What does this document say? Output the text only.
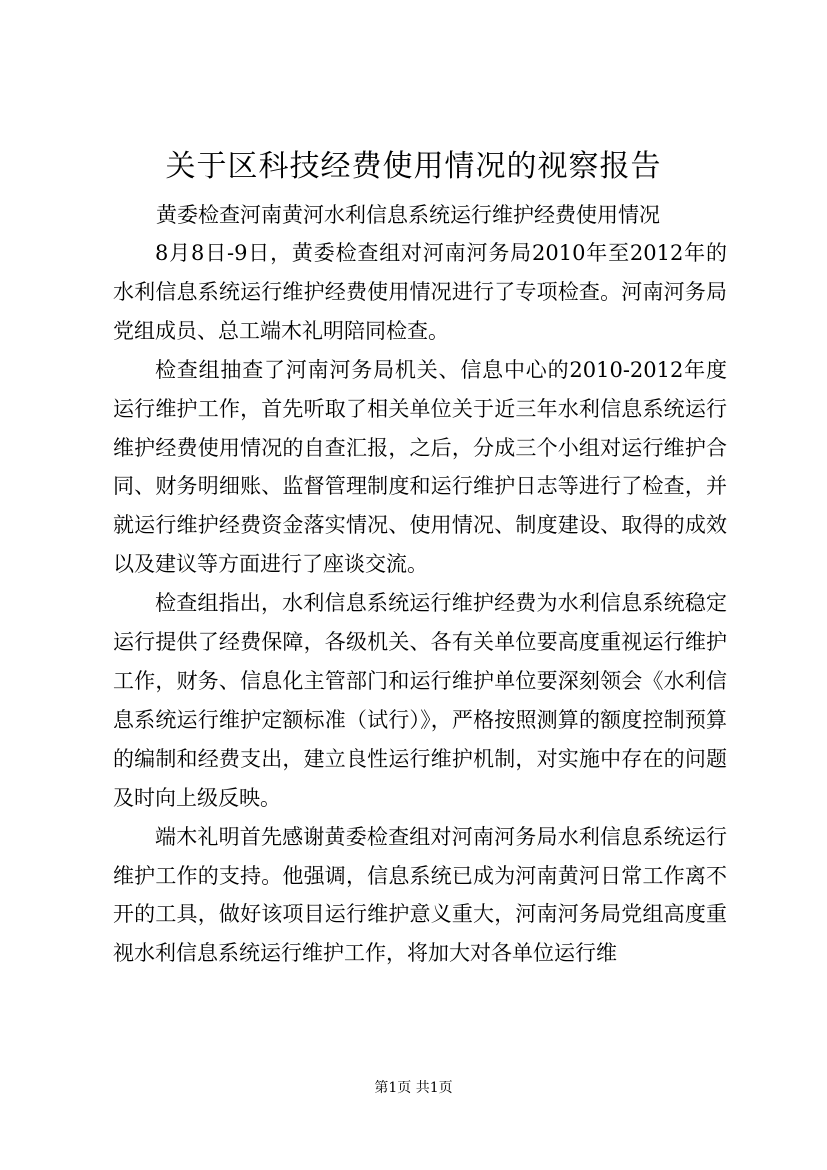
关于区科技经费使用情况的视察报告

黄委检查河南黄河水利信息系统运行维护经费使用情况

8月8日-9日，黄委检查组对河南河务局2010年至2012年的水利信息系统运行维护经费使用情况进行了专项检查。河南河务局党组成员、总工端木礼明陪同检查。

检查组抽查了河南河务局机关、信息中心的2010-2012年度运行维护工作，首先听取了相关单位关于近三年水利信息系统运行维护经费使用情况的自查汇报，之后，分成三个小组对运行维护合同、财务明细账、监督管理制度和运行维护日志等进行了检查，并就运行维护经费资金落实情况、使用情况、制度建设、取得的成效以及建议等方面进行了座谈交流。

检查组指出，水利信息系统运行维护经费为水利信息系统稳定运行提供了经费保障，各级机关、各有关单位要高度重视运行维护工作，财务、信息化主管部门和运行维护单位要深刻领会《水利信息系统运行维护定额标准（试行）》，严格按照测算的额度控制预算的编制和经费支出，建立良性运行维护机制，对实施中存在的问题及时向上级反映。

端木礼明首先感谢黄委检查组对河南河务局水利信息系统运行维护工作的支持。他强调，信息系统已成为河南黄河日常工作离不开的工具，做好该项目运行维护意义重大，河南河务局党组高度重视水利信息系统运行维护工作，将加大对各单位运行维

第1页 共1页
